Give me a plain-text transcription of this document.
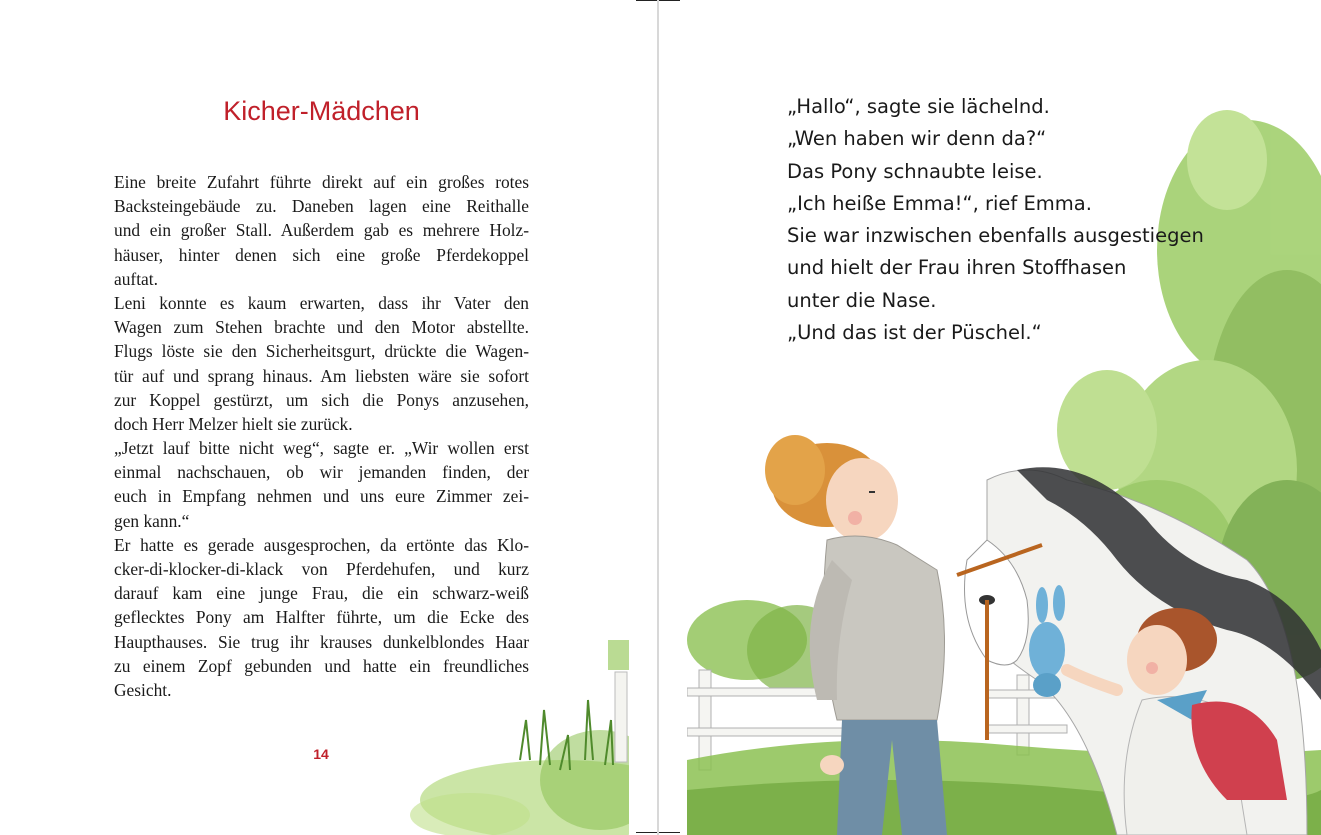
Kicher-Mädchen
Eine breite Zufahrt führte direkt auf ein großes rotes
Backsteingebäude zu. Daneben lagen eine Reithalle
und ein großer Stall. Außerdem gab es mehrere Holz-
häuser, hinter denen sich eine große Pferdekoppel
auftat.
Leni konnte es kaum erwarten, dass ihr Vater den
Wagen zum Stehen brachte und den Motor abstellte.
Flugs löste sie den Sicherheitsgurt, drückte die Wagen-
tür auf und sprang hinaus. Am liebsten wäre sie sofort
zur Koppel gestürzt, um sich die Ponys anzusehen,
doch Herr Melzer hielt sie zurück.
„Jetzt lauf bitte nicht weg“, sagte er. „Wir wollen erst
einmal nachschauen, ob wir jemanden finden, der
euch in Empfang nehmen und uns eure Zimmer zei-
gen kann.“
Er hatte es gerade ausgesprochen, da ertönte das Klo-
cker-di-klocker-di-klack von Pferdehufen, und kurz
darauf kam eine junge Frau, die ein schwarz-weiß
geflecktes Pony am Halfter führte, um die Ecke des
Haupthauses. Sie trug ihr krauses dunkelblondes Haar
zu einem Zopf gebunden und hatte ein freundliches
Gesicht.
14
„Hallo“, sagte sie lächelnd.
„Wen haben wir denn da?“
Das Pony schnaubte leise.
„Ich heiße Emma!“, rief Emma.
Sie war inzwischen ebenfalls ausgestiegen
und hielt der Frau ihren Stoffhasen
unter die Nase.
„Und das ist der Püschel.“
